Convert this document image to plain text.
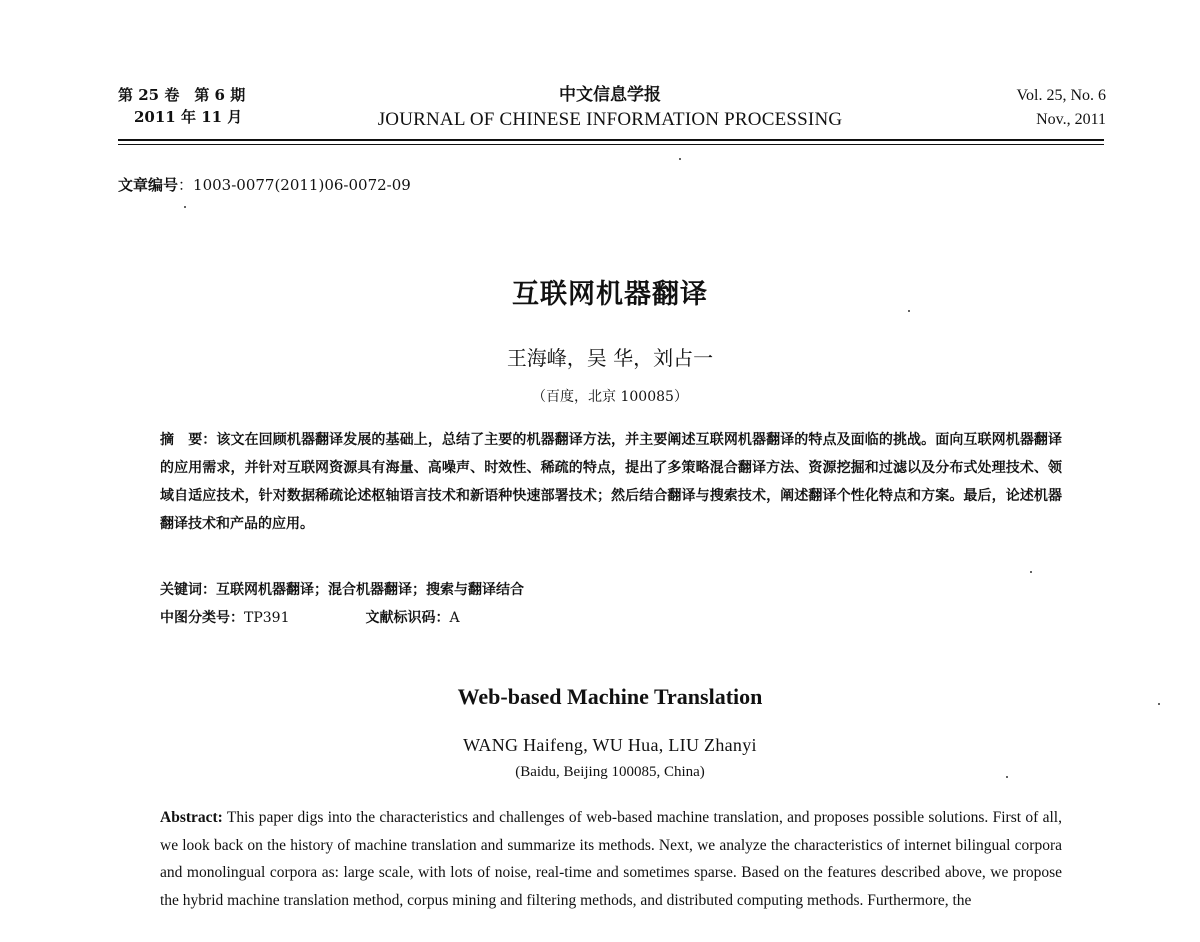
第 25 卷　第 6 期
2011 年 11 月
中文信息学报
JOURNAL OF CHINESE INFORMATION PROCESSING
Vol. 25, No. 6
Nov., 2011
文章编号：1003-0077(2011)06-0072-09
互联网机器翻译
王海峰，吴 华，刘占一
（百度，北京 100085）
摘　要：该文在回顾机器翻译发展的基础上，总结了主要的机器翻译方法，并主要阐述互联网机器翻译的特点及面临的挑战。面向互联网机器翻译的应用需求，并针对互联网资源具有海量、高噪声、时效性、稀疏的特点，提出了多策略混合翻译方法、资源挖掘和过滤以及分布式处理技术、领域自适应技术，针对数据稀疏论述枢轴语言技术和新语种快速部署技术；然后结合翻译与搜索技术，阐述翻译个性化特点和方案。最后，论述机器翻译技术和产品的应用。
关键词：互联网机器翻译；混合机器翻译；搜索与翻译结合
中图分类号：TP391	文献标识码：A
Web-based Machine Translation
WANG Haifeng, WU Hua, LIU Zhanyi
(Baidu, Beijing 100085, China)
Abstract: This paper digs into the characteristics and challenges of web-based machine translation, and proposes possible solutions. First of all, we look back on the history of machine translation and summarize its methods. Next, we analyze the characteristics of internet bilingual corpora and monolingual corpora as: large scale, with lots of noise, real-time and sometimes sparse. Based on the features described above, we propose the hybrid machine translation method, corpus mining and filtering methods, and distributed computing methods. Furthermore, the
